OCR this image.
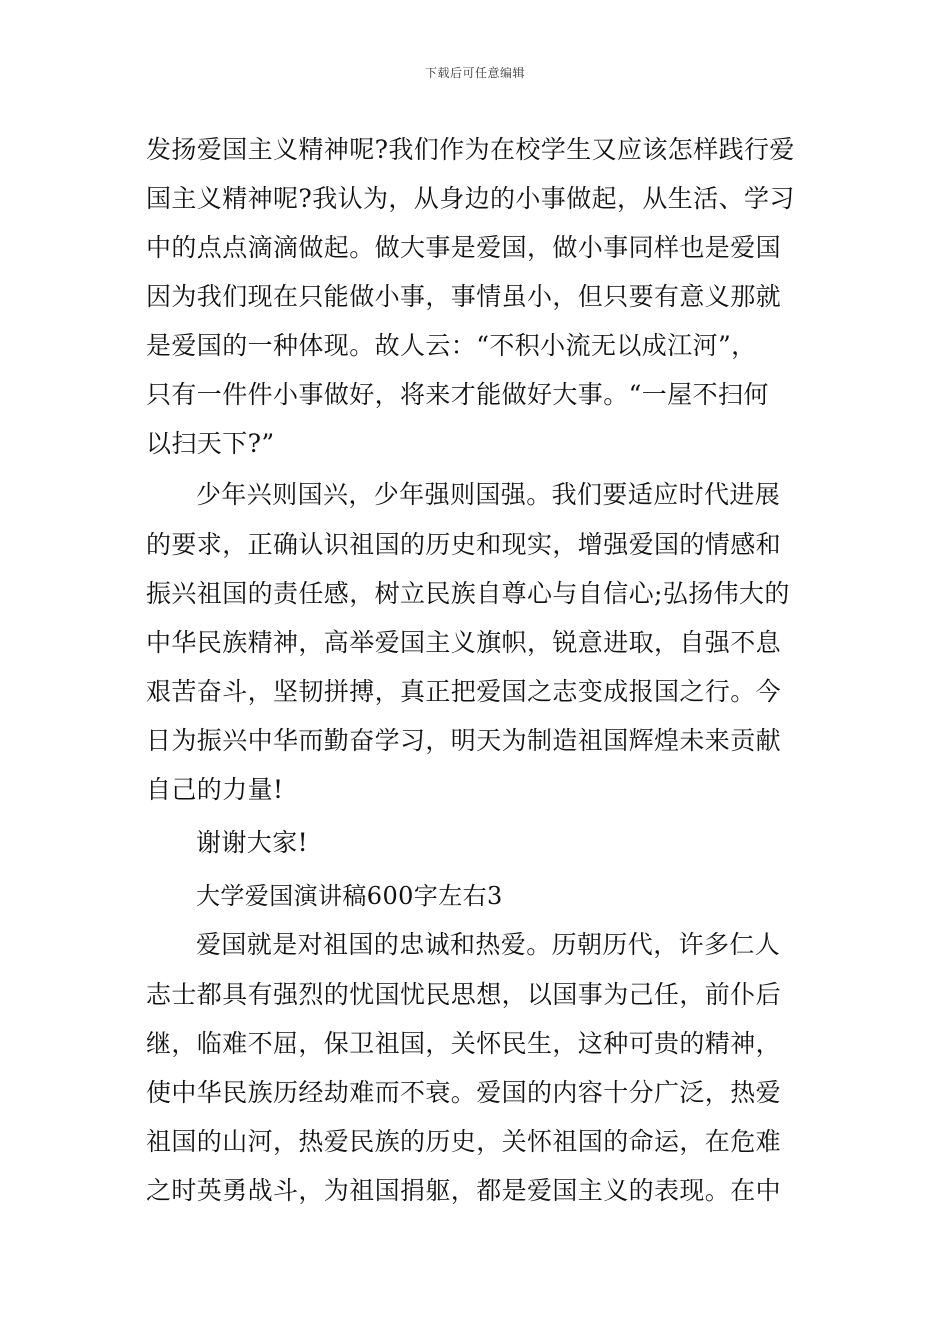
下载后可任意编辑
发扬爱国主义精神呢?我们作为在校学生又应该怎样践行爱
国主义精神呢?我认为，从身边的小事做起，从生活、学习
中的点点滴滴做起。做大事是爱国，做小事同样也是爱国
因为我们现在只能做小事，事情虽小，但只要有意义那就
是爱国的一种体现。故人云：“不积小流无以成江河”，
只有一件件小事做好，将来才能做好大事。“一屋不扫何
以扫天下?”
少年兴则国兴，少年强则国强。我们要适应时代进展
的要求，正确认识祖国的历史和现实，增强爱国的情感和
振兴祖国的责任感，树立民族自尊心与自信心;弘扬伟大的
中华民族精神，高举爱国主义旗帜，锐意进取，自强不息
艰苦奋斗，坚韧拼搏，真正把爱国之志变成报国之行。今
日为振兴中华而勤奋学习，明天为制造祖国辉煌未来贡献
自己的力量!
谢谢大家!
大学爱国演讲稿600字左右3
爱国就是对祖国的忠诚和热爱。历朝历代，许多仁人
志士都具有强烈的忧国忧民思想，以国事为己任，前仆后
继，临难不屈，保卫祖国，关怀民生，这种可贵的精神，
使中华民族历经劫难而不衰。爱国的内容十分广泛，热爱
祖国的山河，热爱民族的历史，关怀祖国的命运，在危难
之时英勇战斗，为祖国捐躯，都是爱国主义的表现。在中
